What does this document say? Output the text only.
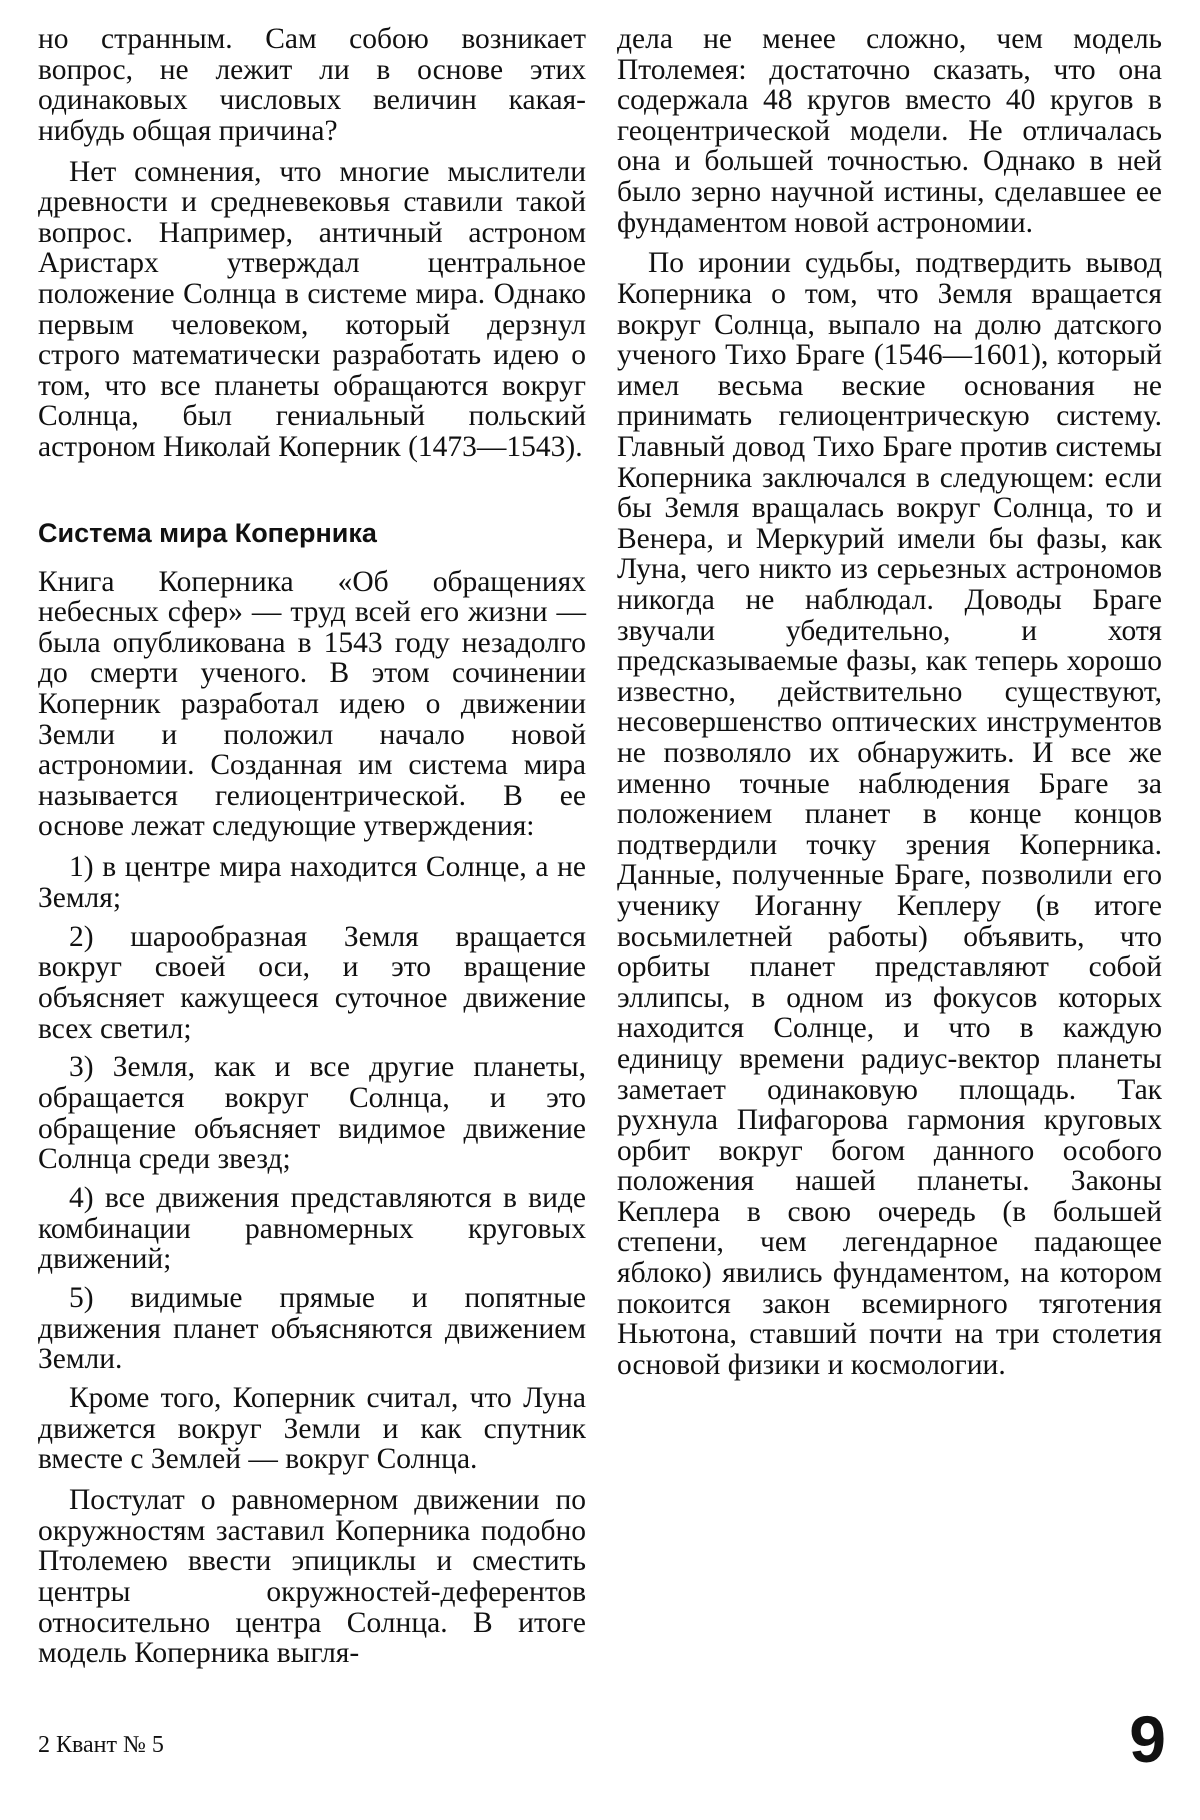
но странным. Сам собою возникает вопрос, не лежит ли в основе этих одинаковых числовых величин какая-нибудь общая причина?

Нет сомнения, что многие мыслители древности и средневековья ставили такой вопрос. Например, античный астроном Аристарх утверждал центральное положение Солнца в системе мира. Однако первым человеком, который дерзнул строго математически разработать идею о том, что все планеты обращаются вокруг Солнца, был гениальный польский астроном Николай Коперник (1473—1543).

Система мира Коперника

Книга Коперника «Об обращениях небесных сфер» — труд всей его жизни — была опубликована в 1543 году незадолго до смерти ученого. В этом сочинении Коперник разработал идею о движении Земли и положил начало новой астрономии. Созданная им система мира называется гелиоцентрической. В ее основе лежат следующие утверждения:

1) в центре мира находится Солнце, а не Земля;

2) шарообразная Земля вращается вокруг своей оси, и это вращение объясняет кажущееся суточное движение всех светил;

3) Земля, как и все другие планеты, обращается вокруг Солнца, и это обращение объясняет видимое движение Солнца среди звезд;

4) все движения представляются в виде комбинации равномерных круговых движений;

5) видимые прямые и попятные движения планет объясняются движением Земли.

Кроме того, Коперник считал, что Луна движется вокруг Земли и как спутник вместе с Землей — вокруг Солнца.

Постулат о равномерном движении по окружностям заставил Коперника подобно Птолемею ввести эпициклы и сместить центры окружностей-деферентов относительно центра Солнца. В итоге модель Коперника выгля-

дела не менее сложно, чем модель Птолемея: достаточно сказать, что она содержала 48 кругов вместо 40 кругов в геоцентрической модели. Не отличалась она и большей точностью. Однако в ней было зерно научной истины, сделавшее ее фундаментом новой астрономии.

По иронии судьбы, подтвердить вывод Коперника о том, что Земля вращается вокруг Солнца, выпало на долю датского ученого Тихо Браге (1546—1601), который имел весьма веские основания не принимать гелиоцентрическую систему. Главный довод Тихо Браге против системы Коперника заключался в следующем: если бы Земля вращалась вокруг Солнца, то и Венера, и Меркурий имели бы фазы, как Луна, чего никто из серьезных астрономов никогда не наблюдал. Доводы Браге звучали убедительно, и хотя предсказываемые фазы, как теперь хорошо известно, действительно существуют, несовершенство оптических инструментов не позволяло их обнаружить. И все же именно точные наблюдения Браге за положением планет в конце концов подтвердили точку зрения Коперника. Данные, полученные Браге, позволили его ученику Иоганну Кеплеру (в итоге восьмилетней работы) объявить, что орбиты планет представляют собой эллипсы, в одном из фокусов которых находится Солнце, и что в каждую единицу времени радиус-вектор планеты заметает одинаковую площадь. Так рухнула Пифагорова гармония круговых орбит вокруг богом данного особого положения нашей планеты. Законы Кеплера в свою очередь (в большей степени, чем легендарное падающее яблоко) явились фундаментом, на котором покоится закон всемирного тяготения Ньютона, ставший почти на три столетия основой физики и космологии.

2 Квант № 5	9
